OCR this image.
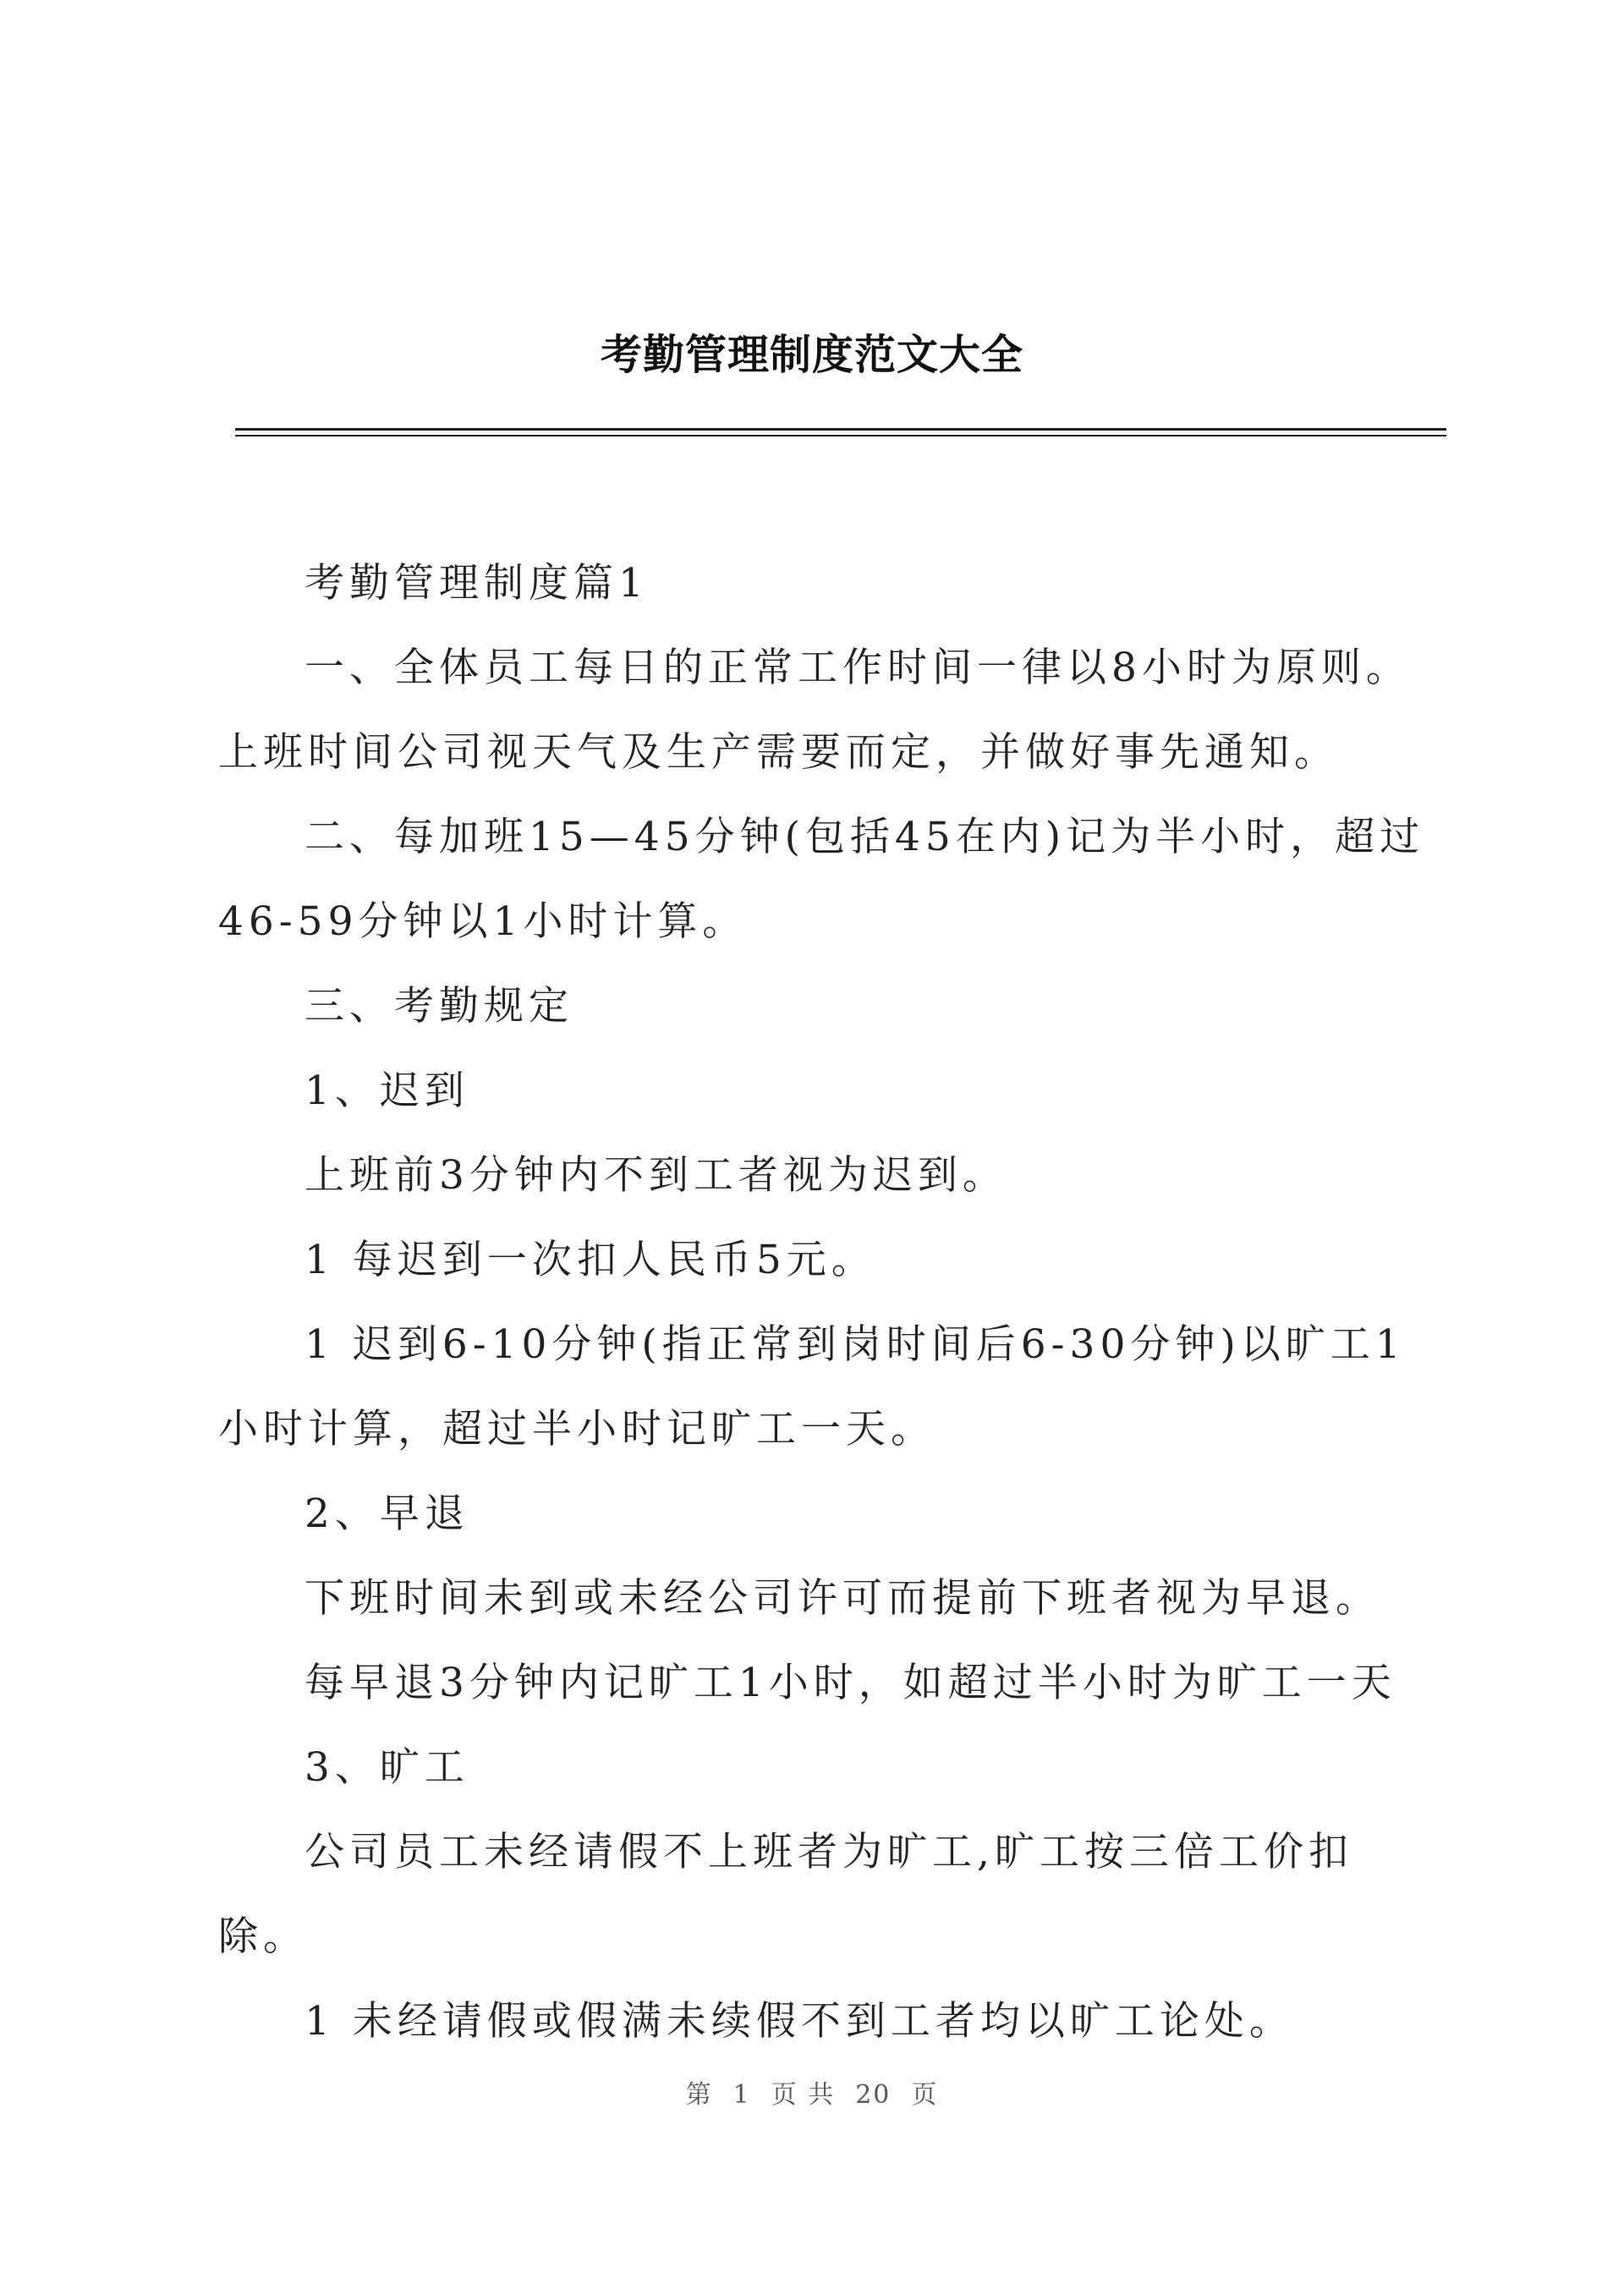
考勤管理制度范文大全

考勤管理制度篇1

一、全体员工每日的正常工作时间一律以8小时为原则。上班时间公司视天气及生产需要而定，并做好事先通知。

二、每加班15—45分钟(包括45在内)记为半小时，超过46-59分钟以1小时计算。

三、考勤规定

1、迟到

上班前3分钟内不到工者视为迟到。

1 每迟到一次扣人民币5元。

1 迟到6-10分钟(指正常到岗时间后6-30分钟)以旷工1小时计算，超过半小时记旷工一天。

2、早退

下班时间未到或未经公司许可而提前下班者视为早退。

每早退3分钟内记旷工1小时，如超过半小时为旷工一天

3、旷工

公司员工未经请假不上班者为旷工,旷工按三倍工价扣除。

1 未经请假或假满未续假不到工者均以旷工论处。

第 1 页 共 20 页
